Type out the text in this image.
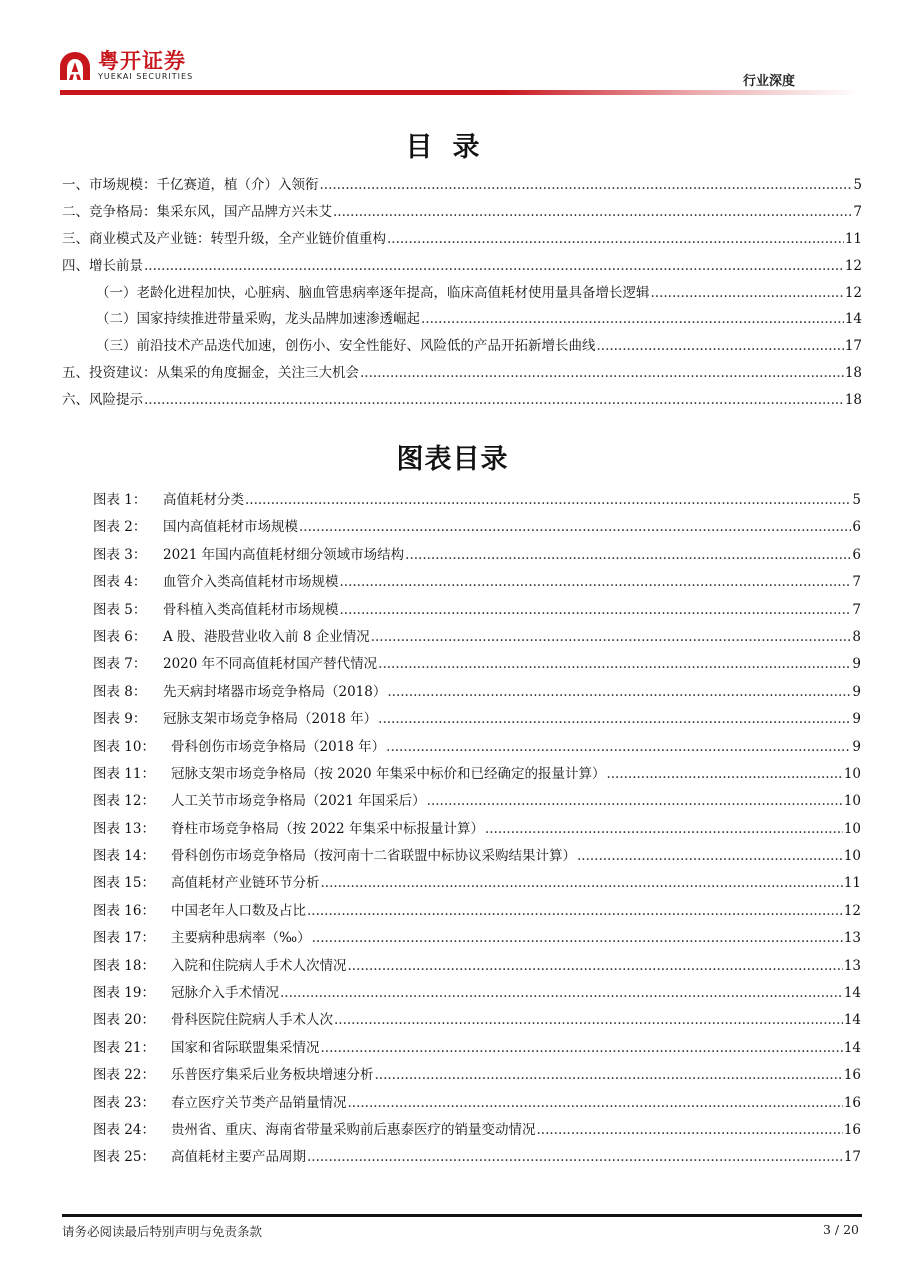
粤开证券
YUEKAI SECURITIES	行业深度
目录
一、市场规模：千亿赛道，植（介）入领衔 .....	5
二、竞争格局：集采东风，国产品牌方兴未艾 .....	7
三、商业模式及产业链：转型升级，全产业链价值重构 .....	11
四、增长前景 .....	12
（一）老龄化进程加快，心脏病、脑血管患病率逐年提高，临床高值耗材使用量具备增长逻辑 .....	12
（二）国家持续推进带量采购，龙头品牌加速渗透崛起 .....	14
（三）前沿技术产品迭代加速，创伤小、安全性能好、风险低的产品开拓新增长曲线 .....	17
五、投资建议：从集采的角度掘金，关注三大机会 .....	18
六、风险提示 .....	18
图表目录
图表 1：	高值耗材分类 .....	5
图表 2：	国内高值耗材市场规模 .....	6
图表 3：	2021 年国内高值耗材细分领域市场结构 .....	6
图表 4：	血管介入类高值耗材市场规模 .....	7
图表 5：	骨科植入类高值耗材市场规模 .....	7
图表 6：	A 股、港股营业收入前 8 企业情况 .....	8
图表 7：	2020 年不同高值耗材国产替代情况 .....	9
图表 8：	先天病封堵器市场竞争格局（2018） .....	9
图表 9：	冠脉支架市场竞争格局（2018 年） .....	9
图表 10：	骨科创伤市场竞争格局（2018 年） .....	9
图表 11：	冠脉支架市场竞争格局（按 2020 年集采中标价和已经确定的报量计算） .....	10
图表 12：	人工关节市场竞争格局（2021 年国采后） .....	10
图表 13：	脊柱市场竞争格局（按 2022 年集采中标报量计算） .....	10
图表 14：	骨科创伤市场竞争格局（按河南十二省联盟中标协议采购结果计算） .....	10
图表 15：	高值耗材产业链环节分析 .....	11
图表 16：	中国老年人口数及占比 .....	12
图表 17：	主要病种患病率（‰） .....	13
图表 18：	入院和住院病人手术人次情况 .....	13
图表 19：	冠脉介入手术情况 .....	14
图表 20：	骨科医院住院病人手术人次 .....	14
图表 21：	国家和省际联盟集采情况 .....	14
图表 22：	乐普医疗集采后业务板块增速分析 .....	16
图表 23：	春立医疗关节类产品销量情况 .....	16
图表 24：	贵州省、重庆、海南省带量采购前后惠泰医疗的销量变动情况 .....	16
图表 25：	高值耗材主要产品周期 .....	17
请务必阅读最后特别声明与免责条款	3 / 20
